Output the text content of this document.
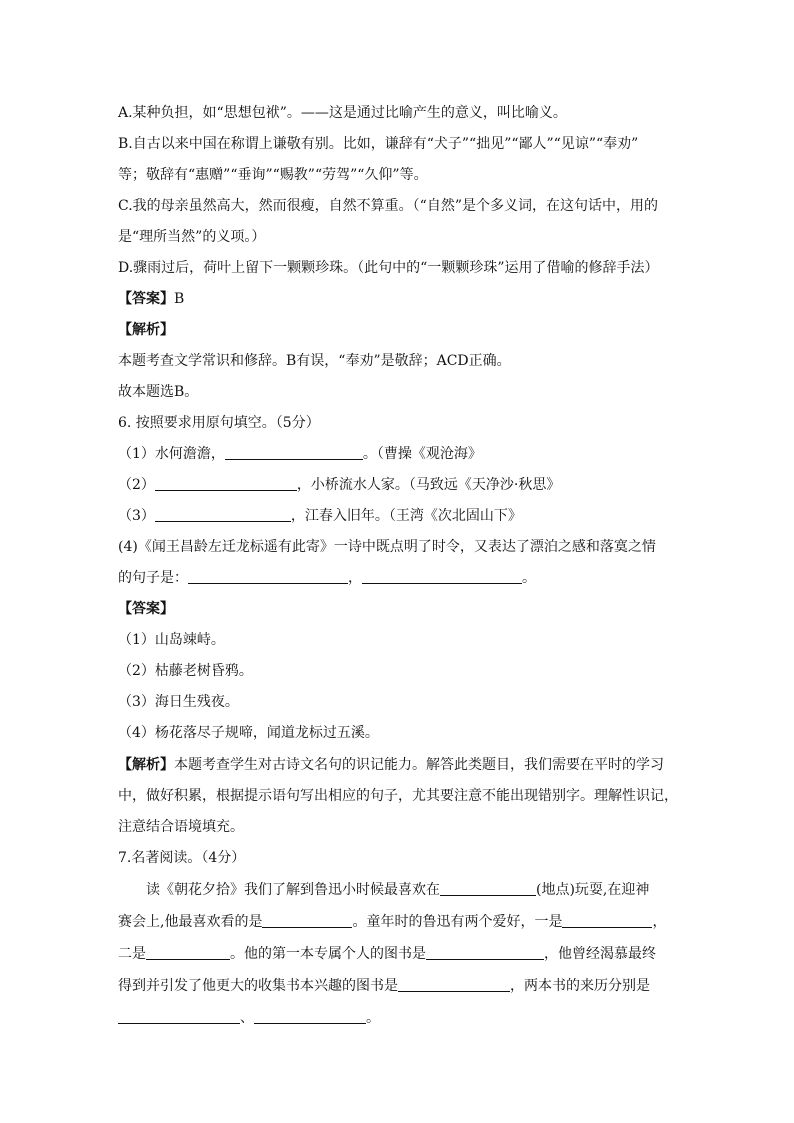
A.某种负担，如“思想包袱”。——这是通过比喻产生的意义，叫比喻义。
B.自古以来中国在称谓上谦敬有别。比如，谦辞有“犬子”“拙见”“鄙人”“见谅”“奉劝”
等；敬辞有“惠赠”“垂询”“赐教”“劳驾”“久仰”等。
C.我的母亲虽然高大，然而很瘦，自然不算重。（“自然”是个多义词，在这句话中，用的
是“理所当然”的义项。）
D.骤雨过后，荷叶上留下一颗颗珍珠。（此句中的“一颗颗珍珠”运用了借喻的修辞手法）
【答案】B
【解析】
本题考查文学常识和修辞。B有误，“奉劝”是敬辞；ACD正确。
故本题选B。
6. 按照要求用原句填空。（5分）
（1）水何澹澹，	。（曹操《观沧海》
（2）	，小桥流水人家。（马致远《天净沙·秋思》
（3）	，江春入旧年。（王湾《次北固山下》
(4)《闻王昌龄左迁龙标遥有此寄》一诗中既点明了时令，又表达了漂泊之感和落寞之情
的句子是：	，	。
【答案】
（1）山岛竦峙。
（2）枯藤老树昏鸦。
（3）海日生残夜。
（4）杨花落尽子规啼，闻道龙标过五溪。
【解析】本题考查学生对古诗文名句的识记能力。解答此类题目，我们需要在平时的学习
中，做好积累，根据提示语句写出相应的句子，尤其要注意不能出现错别字。理解性识记，
注意结合语境填充。
7.名著阅读。（4分）
读《朝花夕拾》我们了解到鲁迅小时候最喜欢在	(地点)玩耍,在迎神
赛会上,他最喜欢看的是	。童年时的鲁迅有两个爱好，一是	，
二是	。他的第一本专属个人的图书是	，他曾经渴慕最终
得到并引发了他更大的收集书本兴趣的图书是	，两本书的来历分别是
、	。
